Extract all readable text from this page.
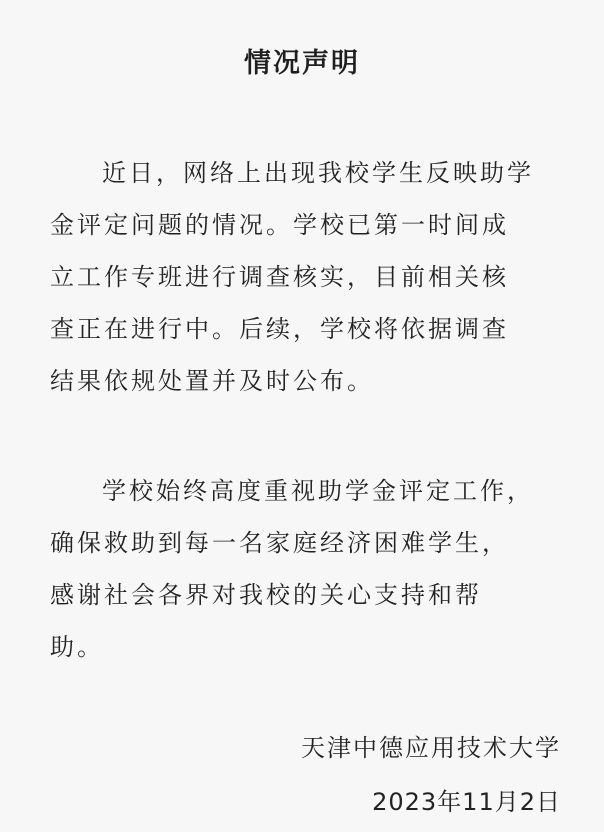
情况声明
近日，网络上出现我校学生反映助学
金评定问题的情况。学校已第一时间成
立工作专班进行调查核实，目前相关核
查正在进行中。后续，学校将依据调查
结果依规处置并及时公布。
学校始终高度重视助学金评定工作，
确保救助到每一名家庭经济困难学生，
感谢社会各界对我校的关心支持和帮
助。
天津中德应用技术大学
2023年11月2日
